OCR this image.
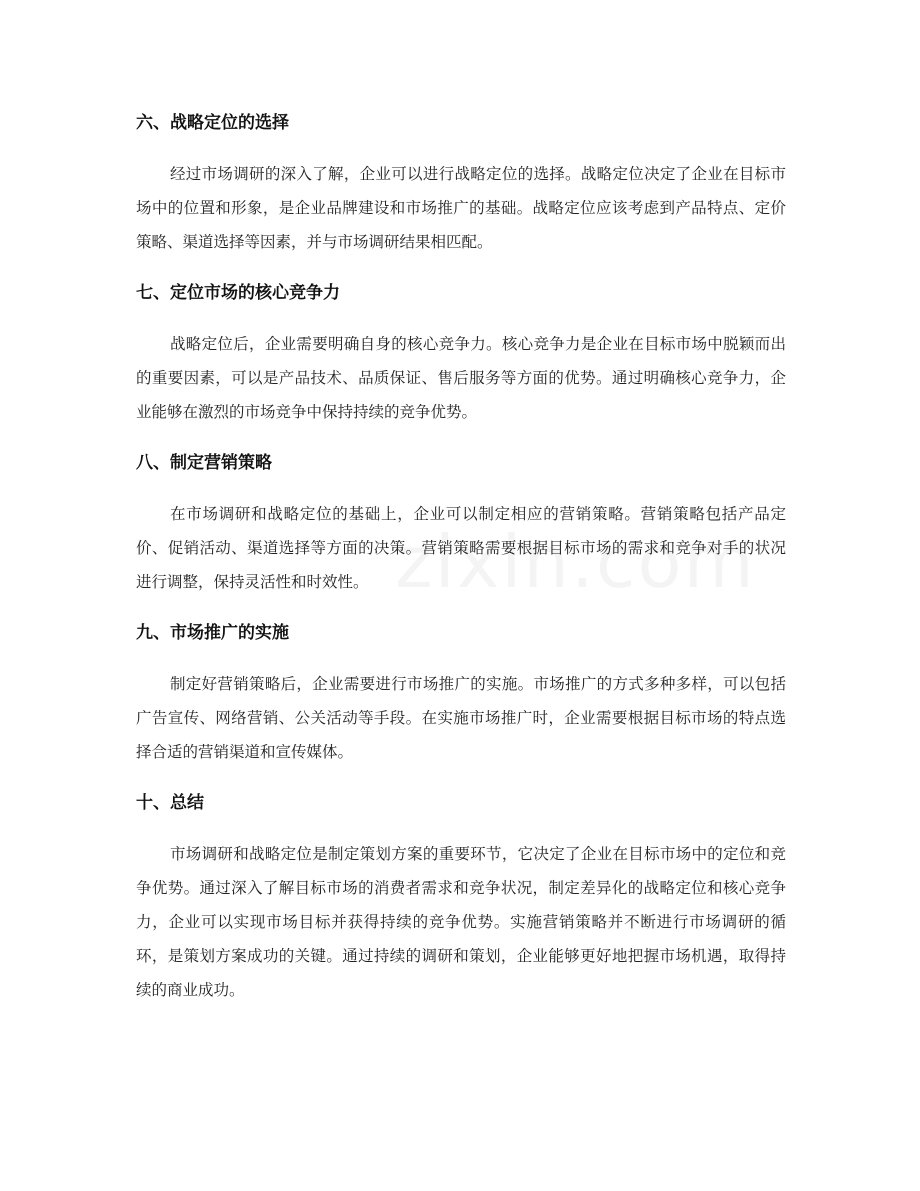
六、战略定位的选择

经过市场调研的深入了解，企业可以进行战略定位的选择。战略定位决定了企业在目标市场中的位置和形象，是企业品牌建设和市场推广的基础。战略定位应该考虑到产品特点、定价策略、渠道选择等因素，并与市场调研结果相匹配。

七、定位市场的核心竞争力

战略定位后，企业需要明确自身的核心竞争力。核心竞争力是企业在目标市场中脱颖而出的重要因素，可以是产品技术、品质保证、售后服务等方面的优势。通过明确核心竞争力，企业能够在激烈的市场竞争中保持持续的竞争优势。

八、制定营销策略

在市场调研和战略定位的基础上，企业可以制定相应的营销策略。营销策略包括产品定价、促销活动、渠道选择等方面的决策。营销策略需要根据目标市场的需求和竞争对手的状况进行调整，保持灵活性和时效性。

九、市场推广的实施

制定好营销策略后，企业需要进行市场推广的实施。市场推广的方式多种多样，可以包括广告宣传、网络营销、公关活动等手段。在实施市场推广时，企业需要根据目标市场的特点选择合适的营销渠道和宣传媒体。

十、总结

市场调研和战略定位是制定策划方案的重要环节，它决定了企业在目标市场中的定位和竞争优势。通过深入了解目标市场的消费者需求和竞争状况，制定差异化的战略定位和核心竞争力，企业可以实现市场目标并获得持续的竞争优势。实施营销策略并不断进行市场调研的循环，是策划方案成功的关键。通过持续的调研和策划，企业能够更好地把握市场机遇，取得持续的商业成功。
